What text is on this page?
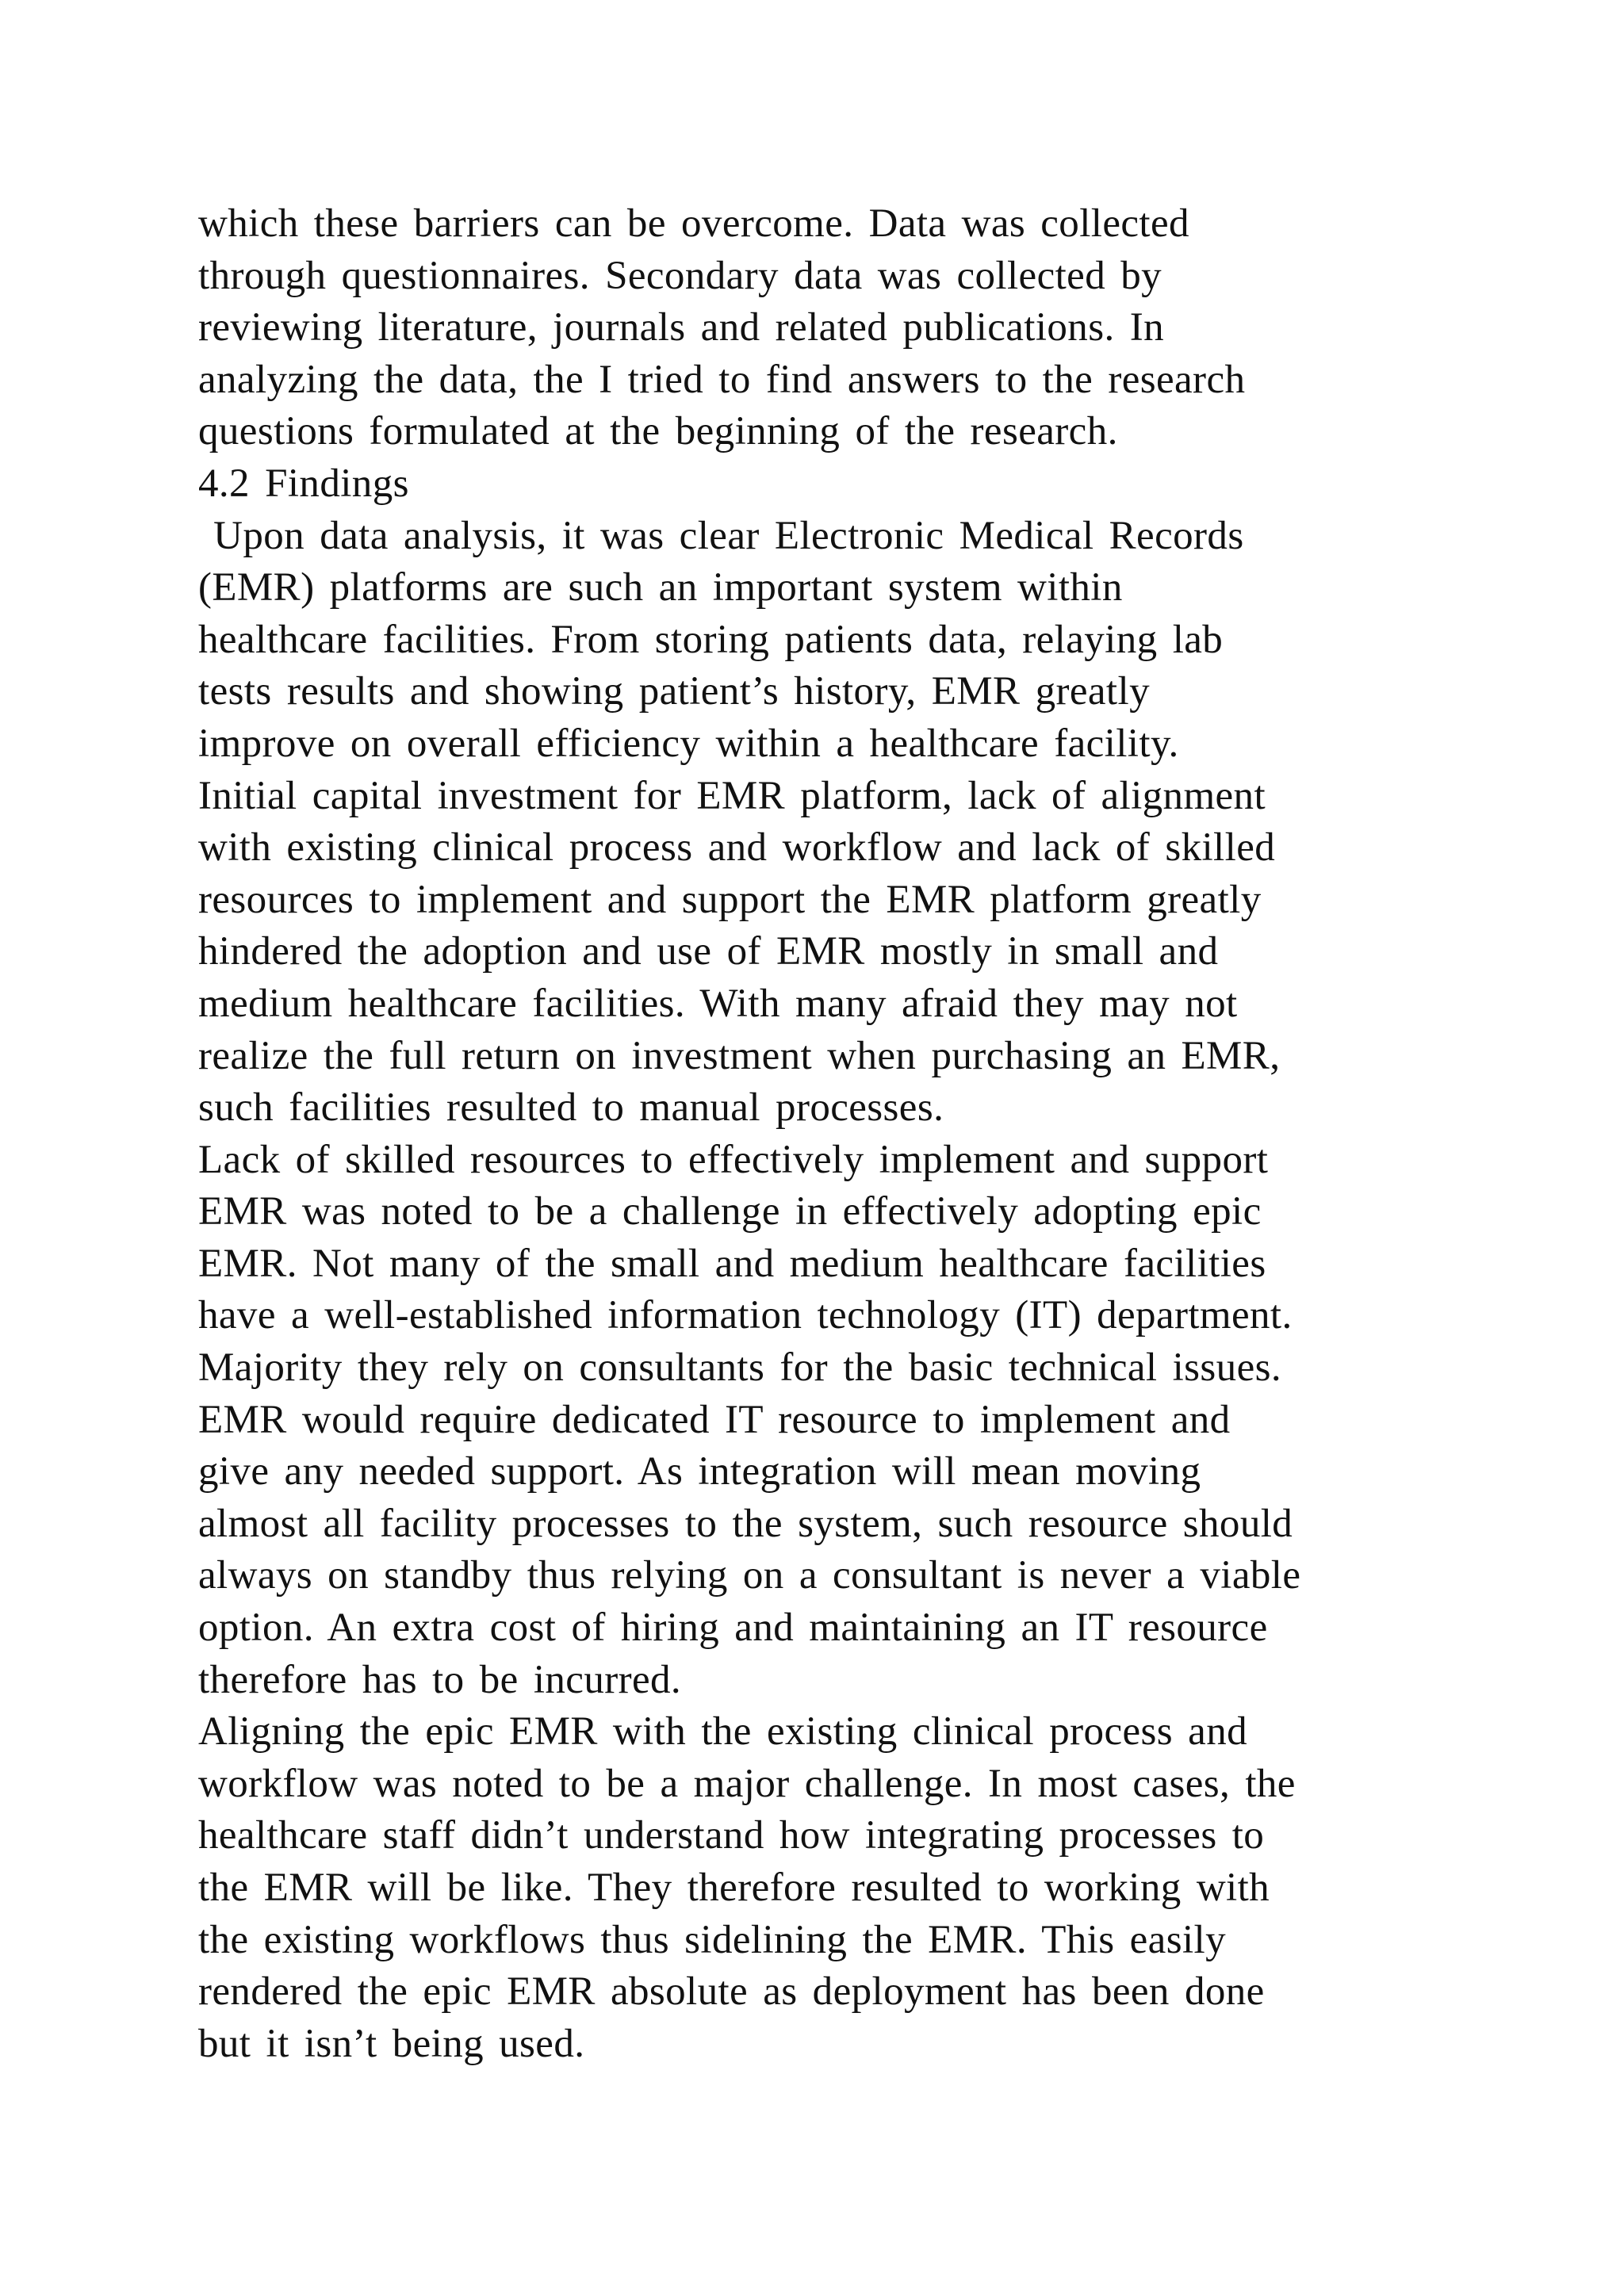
which these barriers can be overcome. Data was collected
through questionnaires. Secondary data was collected by
reviewing literature, journals and related publications. In
analyzing the data, the I tried to find answers to the research
questions formulated at the beginning of the research.
4.2 Findings
Upon data analysis, it was clear Electronic Medical Records
(EMR) platforms are such an important system within
healthcare facilities. From storing patients data, relaying lab
tests results and showing patient’s history, EMR greatly
improve on overall efficiency within a healthcare facility.
Initial capital investment for EMR platform, lack of alignment
with existing clinical process and workflow and lack of skilled
resources to implement and support the EMR platform greatly
hindered the adoption and use of EMR mostly in small and
medium healthcare facilities. With many afraid they may not
realize the full return on investment when purchasing an EMR,
such facilities resulted to manual processes.
Lack of skilled resources to effectively implement and support
EMR was noted to be a challenge in effectively adopting epic
EMR. Not many of the small and medium healthcare facilities
have a well-established information technology (IT) department.
Majority they rely on consultants for the basic technical issues.
EMR would require dedicated IT resource to implement and
give any needed support. As integration will mean moving
almost all facility processes to the system, such resource should
always on standby thus relying on a consultant is never a viable
option. An extra cost of hiring and maintaining an IT resource
therefore has to be incurred.
Aligning the epic EMR with the existing clinical process and
workflow was noted to be a major challenge. In most cases, the
healthcare staff didn’t understand how integrating processes to
the EMR will be like. They therefore resulted to working with
the existing workflows thus sidelining the EMR. This easily
rendered the epic EMR absolute as deployment has been done
but it isn’t being used.
